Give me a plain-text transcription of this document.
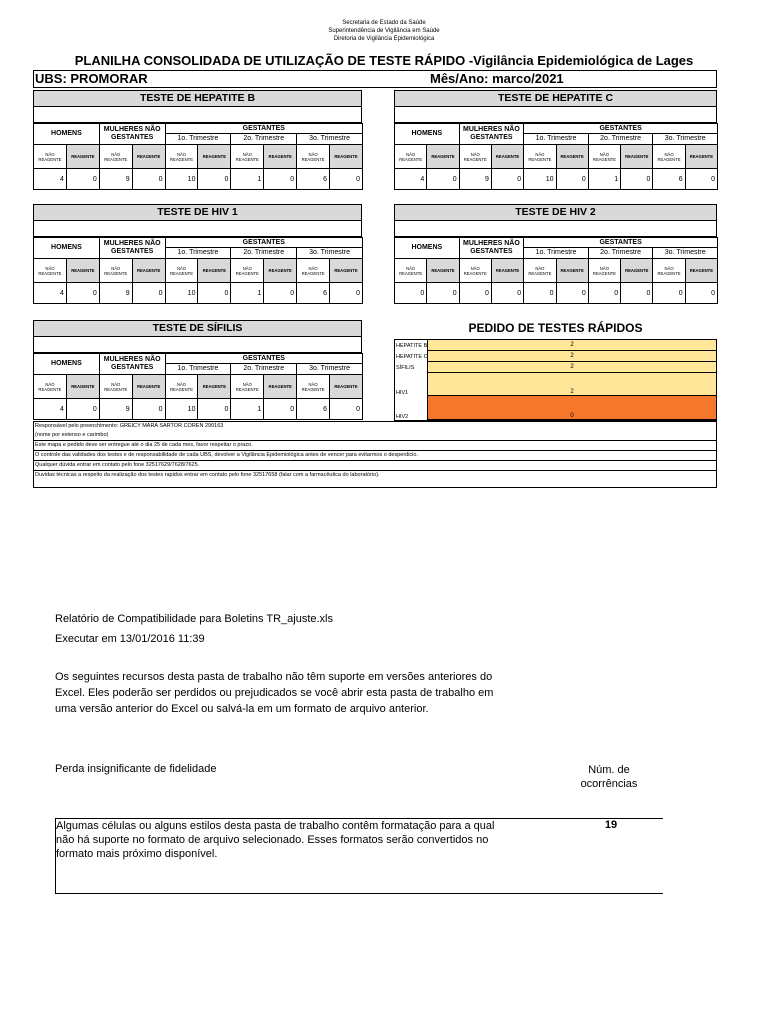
Secretaria de Estado da Saúde
Superintendência de Vigilância em Saúde
Diretoria de Vigilância Epidemiológica
PLANILHA CONSOLIDADA DE UTILIZAÇÃO DE TESTE RÁPIDO -Vigilância Epidemiológica de Lages
UBS: PROMORAR	Mês/Ano: marco/2021
TESTE DE HEPATITE B
HOMENS		MULHERES NÃO GESTANTES		GESTANTES					
				1o. Trimestre		2o. Trimestre		3o. Trimestre	
NÃO REAGENTE	REAGENTE	NÃO REAGENTE	REAGENTE	NÃO REAGENTE	REAGENTE	NÃO REAGENTE	REAGENTE	NÃO REAGENTE	REAGENTE
4	0	9	0	10	0	1	0	6	0
TESTE DE HEPATITE C
HOMENS		MULHERES NÃO GESTANTES		GESTANTES					
				1o. Trimestre		2o. Trimestre		3o. Trimestre	
NÃO REAGENTE	REAGENTE	NÃO REAGENTE	REAGENTE	NÃO REAGENTE	REAGENTE	NÃO REAGENTE	REAGENTE	NÃO REAGENTE	REAGENTE
4	0	9	0	10	0	1	0	6	0
TESTE DE HIV 1
HOMENS		MULHERES NÃO GESTANTES		GESTANTES					
				1o. Trimestre		2o. Trimestre		3o. Trimestre	
NÃO REAGENTE	REAGENTE	NÃO REAGENTE	REAGENTE	NÃO REAGENTE	REAGENTE	NÃO REAGENTE	REAGENTE	NÃO REAGENTE	REAGENTE
4	0	9	0	10	0	1	0	6	0
TESTE DE HIV 2
HOMENS		MULHERES NÃO GESTANTES		GESTANTES					
				1o. Trimestre		2o. Trimestre		3o. Trimestre	
NÃO REAGENTE	REAGENTE	NÃO REAGENTE	REAGENTE	NÃO REAGENTE	REAGENTE	NÃO REAGENTE	REAGENTE	NÃO REAGENTE	REAGENTE
0	0	0	0	0	0	0	0	0	0
TESTE DE SÍFILIS
HOMENS		MULHERES NÃO GESTANTES		GESTANTES					
				1o. Trimestre		2o. Trimestre		3o. Trimestre	
NÃO REAGENTE	REAGENTE	NÃO REAGENTE	REAGENTE	NÃO REAGENTE	REAGENTE	NÃO REAGENTE	REAGENTE	NÃO REAGENTE	REAGENTE
4	0	9	0	10	0	1	0	6	0
PEDIDO DE TESTES RÁPIDOS
HEPATITE B	2
HEPATITE C	2
SÍFILIS	2
HIV1	2
HIV2	0
Responsável pelo preenchimento: GREICY MARA SARTOR COREN 290163
(nome por extenso e carimbo)
Este mapa e pedido deve ser entregue até o dia 25 de cada mes, favor respeitar o prazo.
O controle das validades dos testes e de responsabilidade de cada UBS, devolver a Vigilância Epidemiológica antes de vencer para evitarmos o desperdicio.
Qualquer dúvida entrar em contato pelo fone 32517629/7628/7625.
Duvidas técnicas a respeito da realização dos testes rapidos entrar em contato pelo fone 32517658 (falar com a farmacêutica do laboratório).
Relatório de Compatibilidade para Boletins TR_ajuste.xls
Executar em 13/01/2016 11:39
Os seguintes recursos desta pasta de trabalho não têm suporte em versões anteriores do Excel. Eles poderão ser perdidos ou prejudicados se você abrir esta pasta de trabalho em uma versão anterior do Excel ou salvá-la em um formato de arquivo anterior.
Perda insignificante de fidelidade	Núm. de ocorrências
Algumas células ou alguns estilos desta pasta de trabalho contêm formatação para a qual não há suporte no formato de arquivo selecionado. Esses formatos serão convertidos no formato mais próximo disponível.
19
